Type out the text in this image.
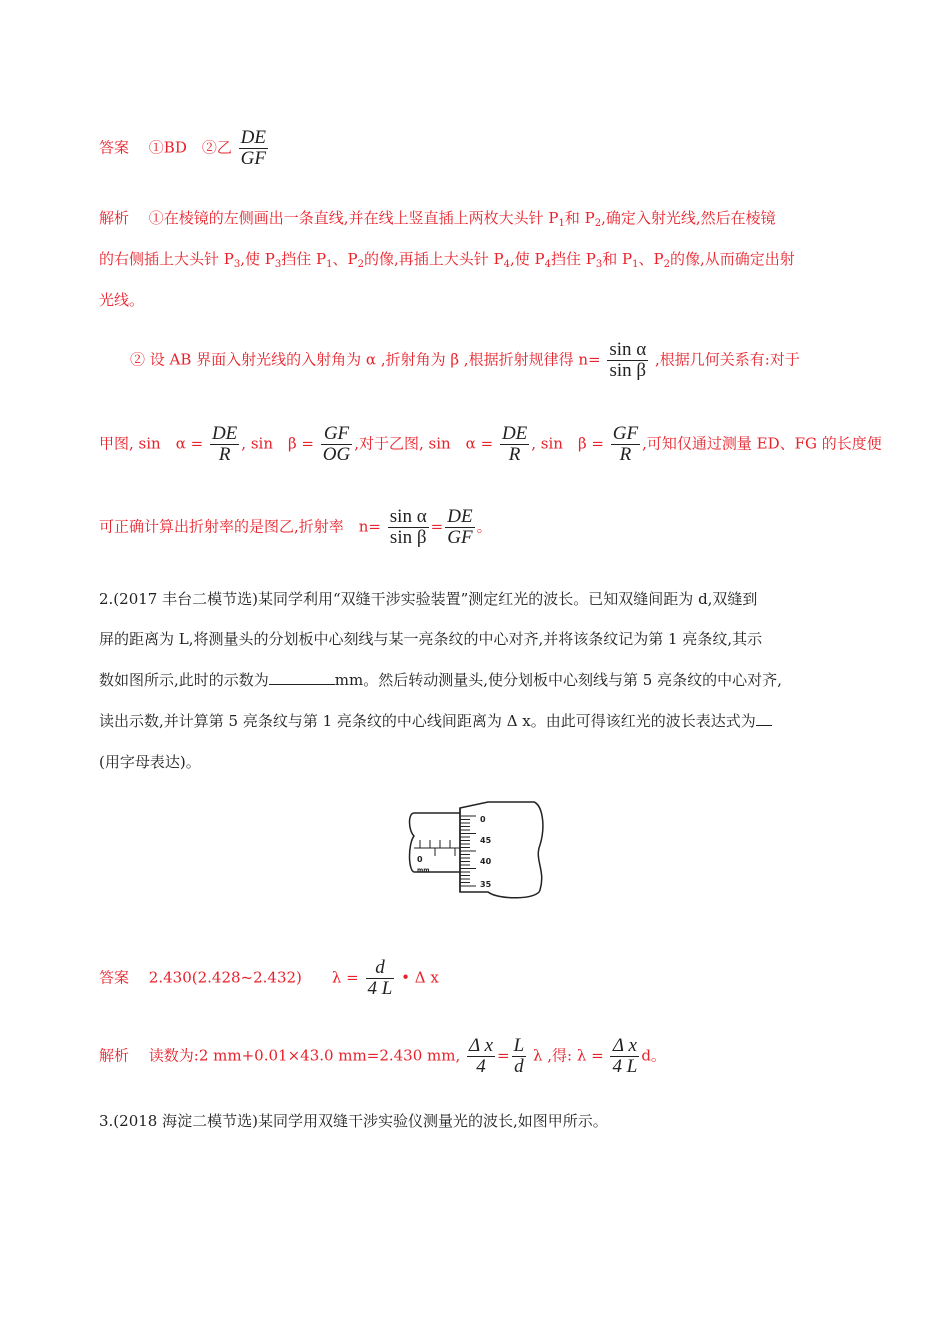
答案　 ①BD　②乙 $\frac{DE}{GF}$
解析　 ①在棱镜的左侧画出一条直线,并在线上竖直插上两枚大头针 $P_1$和 $P_2$,确定入射光线,然后在棱镜
的右侧插上大头针 $P_3$,使 $P_3$挡住 $P_1$、$P_2$的像,再插上大头针 $P_4$,使 $P_4$挡住 $P_3$和 $P_1$、$P_2$的像,从而确定出射
光线。
② 设 AB 界面入射光线的入射角为 α ,折射角为 β ,根据折射规律得 $n= \frac{\text{sin α}}{\text{sin β}}$ ,根据几何关系有:对于
甲图, sin　$\alpha = \frac{DE}{R}$ , sin　$\beta = \frac{GF}{OG}$ ,对于乙图, sin　$\alpha = \frac{DE}{R}$ , sin　$\beta = \frac{GF}{R}$ ,可知仅通过测量 ED、FG 的长度便
可正确计算出折射率的是图乙,折射率　$n= \frac{\text{sin α}}{\text{sin β}} = \frac{DE}{GF}$ 。
2.(2017 丰台二模节选)某同学利用“双缝干涉实验装置”测定红光的波长。已知双缝间距为 d,双缝到
屏的距离为 L,将测量头的分划板中心刻线与某一亮条纹的中心对齐,并将该条纹记为第 1 亮条纹,其示
数如图所示,此时的示数为	mm。然后转动测量头,使分划板中心刻线与第 5 亮条纹的中心对齐,
读出示数,并计算第 5 亮条纹与第 1 亮条纹的中心线间距离为 Δ x。由此可得该红光的波长表达式为
(用字母表达)。
0
mm
0
45
40
35
答案　 2.430(2.428~2.432)　　$\lambda = \frac{d}{4 L}$ • Δ x
解析　 读数为:2 mm+0.01×43.0 mm=2.430 mm, $\frac{\text{Δ x}}{4} = \frac{L}{d}$ λ ,得: $\lambda = \frac{\text{Δ x}}{4 L}$ d。
3.(2018 海淀二模节选)某同学用双缝干涉实验仪测量光的波长,如图甲所示。
